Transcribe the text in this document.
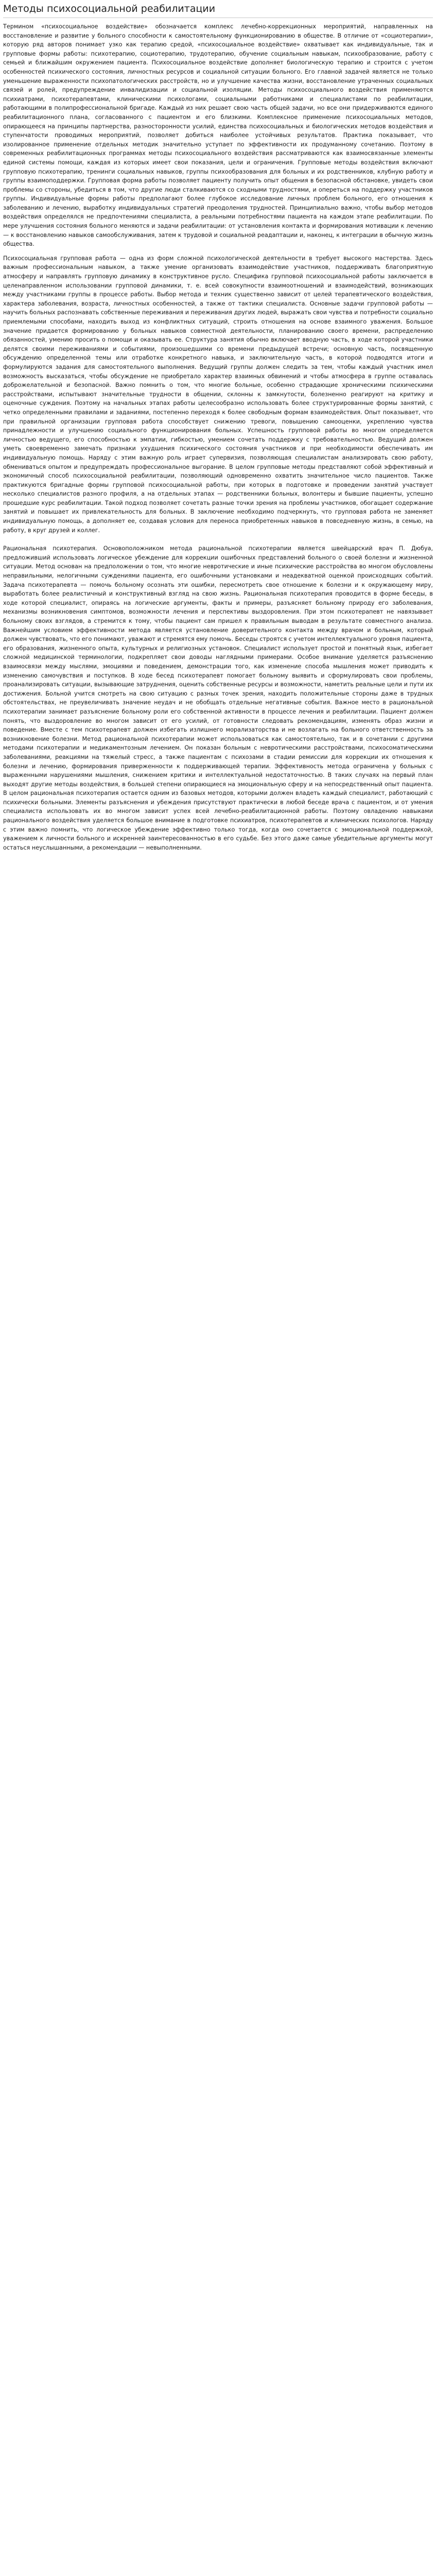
Методы психосоциальной реабилитации

Термином «психосоциальное воздействие» обозначается комплекс лечебно-коррекционных мероприятий, направленных на восстановление и развитие у больного способности к самостоятельному функционированию в обществе. В отличие от «социотерапии», которую ряд авторов понимает узко как терапию средой, «психосоциальное воздействие» охватывает как индивидуальные, так и групповые формы работы: психотерапию, социотерапию, трудотерапию, обучение социальным навыкам, психообразование, работу с семьей и ближайшим окружением пациента. Психосоциальное воздействие дополняет биологическую терапию и строится с учетом особенностей психического состояния, личностных ресурсов и социальной ситуации больного. Его главной задачей является не только уменьшение выраженности психопатологических расстройств, но и улучшение качества жизни, восстановление утраченных социальных связей и ролей, предупреждение инвалидизации и социальной изоляции. Методы психосоциального воздействия применяются психиатрами, психотерапевтами, клиническими психологами, социальными работниками и специалистами по реабилитации, работающими в полипрофессиональной бригаде. Каждый из них решает свою часть общей задачи, но все они придерживаются единого реабилитационного плана, согласованного с пациентом и его близкими. Комплексное применение психосоциальных методов, опирающееся на принципы партнерства, разносторонности усилий, единства психосоциальных и биологических методов воздействия и ступенчатости проводимых мероприятий, позволяет добиться наиболее устойчивых результатов. Практика показывает, что изолированное применение отдельных методик значительно уступает по эффективности их продуманному сочетанию. Поэтому в современных реабилитационных программах методы психосоциального воздействия рассматриваются как взаимосвязанные элементы единой системы помощи, каждая из которых имеет свои показания, цели и ограничения. Групповые методы воздействия включают групповую психотерапию, тренинги социальных навыков, группы психообразования для больных и их родственников, клубную работу и группы взаимоподдержки. Групповая форма работы позволяет пациенту получить опыт общения в безопасной обстановке, увидеть свои проблемы со стороны, убедиться в том, что другие люди сталкиваются со сходными трудностями, и опереться на поддержку участников группы. Индивидуальные формы работы предполагают более глубокое исследование личных проблем больного, его отношения к заболеванию и лечению, выработку индивидуальных стратегий преодоления трудностей. Принципиально важно, чтобы выбор методов воздействия определялся не предпочтениями специалиста, а реальными потребностями пациента на каждом этапе реабилитации. По мере улучшения состояния больного меняются и задачи реабилитации: от установления контакта и формирования мотивации к лечению — к восстановлению навыков самообслуживания, затем к трудовой и социальной реадаптации и, наконец, к интеграции в обычную жизнь общества.

Психосоциальная групповая работа — одна из форм сложной психологической деятельности в требует высокого мастерства. Здесь важным профессиональным навыком, а также умение организовать взаимодействие участников, поддерживать благоприятную атмосферу и направлять групповую динамику в конструктивное русло. Специфика групповой психосоциальной работы заключается в целенаправленном использовании групповой динамики, т. е. всей совокупности взаимоотношений и взаимодействий, возникающих между участниками группы в процессе работы. Выбор метода и техник существенно зависит от целей терапевтического воздействия, характера заболевания, возраста, личностных особенностей, а также от тактики специалиста. Основные задачи групповой работы — научить больных распознавать собственные переживания и переживания других людей, выражать свои чувства и потребности социально приемлемыми способами, находить выход из конфликтных ситуаций, строить отношения на основе взаимного уважения. Большое значение придается формированию у больных навыков совместной деятельности, планированию своего времени, распределению обязанностей, умению просить о помощи и оказывать ее. Структура занятия обычно включает вводную часть, в ходе которой участники делятся своими переживаниями и событиями, произошедшими со времени предыдущей встречи; основную часть, посвященную обсуждению определенной темы или отработке конкретного навыка, и заключительную часть, в которой подводятся итоги и формулируются задания для самостоятельного выполнения. Ведущий группы должен следить за тем, чтобы каждый участник имел возможность высказаться, чтобы обсуждение не приобретало характер взаимных обвинений и чтобы атмосфера в группе оставалась доброжелательной и безопасной. Важно помнить о том, что многие больные, особенно страдающие хроническими психическими расстройствами, испытывают значительные трудности в общении, склонны к замкнутости, болезненно реагируют на критику и оценочные суждения. Поэтому на начальных этапах работы целесообразно использовать более структурированные формы занятий, с четко определенными правилами и заданиями, постепенно переходя к более свободным формам взаимодействия. Опыт показывает, что при правильной организации групповая работа способствует снижению тревоги, повышению самооценки, укреплению чувства принадлежности и улучшению социального функционирования больных. Успешность групповой работы во многом определяется личностью ведущего, его способностью к эмпатии, гибкостью, умением сочетать поддержку с требовательностью. Ведущий должен уметь своевременно замечать признаки ухудшения психического состояния участников и при необходимости обеспечивать им индивидуальную помощь. Наряду с этим важную роль играет супервизия, позволяющая специалистам анализировать свою работу, обмениваться опытом и предупреждать профессиональное выгорание. В целом групповые методы представляют собой эффективный и экономичный способ психосоциальной реабилитации, позволяющий одновременно охватить значительное число пациентов. Также практикуются бригадные формы групповой психосоциальной работы, при которых в подготовке и проведении занятий участвует несколько специалистов разного профиля, а на отдельных этапах — родственники больных, волонтеры и бывшие пациенты, успешно прошедшие курс реабилитации. Такой подход позволяет сочетать разные точки зрения на проблемы участников, обогащает содержание занятий и повышает их привлекательность для больных. В заключение необходимо подчеркнуть, что групповая работа не заменяет индивидуальную помощь, а дополняет ее, создавая условия для переноса приобретенных навыков в повседневную жизнь, в семью, на работу, в круг друзей и коллег.

Рациональная психотерапия. Основоположником метода рациональной психотерапии является швейцарский врач П. Дюбуа, предложивший использовать логическое убеждение для коррекции ошибочных представлений больного о своей болезни и жизненной ситуации. Метод основан на предположении о том, что многие невротические и иные психические расстройства во многом обусловлены неправильными, нелогичными суждениями пациента, его ошибочными установками и неадекватной оценкой происходящих событий. Задача психотерапевта — помочь больному осознать эти ошибки, пересмотреть свое отношение к болезни и к окружающему миру, выработать более реалистичный и конструктивный взгляд на свою жизнь. Рациональная психотерапия проводится в форме беседы, в ходе которой специалист, опираясь на логические аргументы, факты и примеры, разъясняет больному природу его заболевания, механизмы возникновения симптомов, возможности лечения и перспективы выздоровления. При этом психотерапевт не навязывает больному своих взглядов, а стремится к тому, чтобы пациент сам пришел к правильным выводам в результате совместного анализа. Важнейшим условием эффективности метода является установление доверительного контакта между врачом и больным, который должен чувствовать, что его понимают, уважают и стремятся ему помочь. Беседы строятся с учетом интеллектуального уровня пациента, его образования, жизненного опыта, культурных и религиозных установок. Специалист использует простой и понятный язык, избегает сложной медицинской терминологии, подкрепляет свои доводы наглядными примерами. Особое внимание уделяется разъяснению взаимосвязи между мыслями, эмоциями и поведением, демонстрации того, как изменение способа мышления может приводить к изменению самочувствия и поступков. В ходе бесед психотерапевт помогает больному выявить и сформулировать свои проблемы, проанализировать ситуации, вызывающие затруднения, оценить собственные ресурсы и возможности, наметить реальные цели и пути их достижения. Больной учится смотреть на свою ситуацию с разных точек зрения, находить положительные стороны даже в трудных обстоятельствах, не преувеличивать значение неудач и не обобщать отдельные негативные события. Важное место в рациональной психотерапии занимает разъяснение больному роли его собственной активности в процессе лечения и реабилитации. Пациент должен понять, что выздоровление во многом зависит от его усилий, от готовности следовать рекомендациям, изменять образ жизни и поведение. Вместе с тем психотерапевт должен избегать излишнего морализаторства и не возлагать на больного ответственность за возникновение болезни. Метод рациональной психотерапии может использоваться как самостоятельно, так и в сочетании с другими методами психотерапии и медикаментозным лечением. Он показан больным с невротическими расстройствами, психосоматическими заболеваниями, реакциями на тяжелый стресс, а также пациентам с психозами в стадии ремиссии для коррекции их отношения к болезни и лечению, формирования приверженности к поддерживающей терапии. Эффективность метода ограничена у больных с выраженными нарушениями мышления, снижением критики и интеллектуальной недостаточностью. В таких случаях на первый план выходят другие методы воздействия, в большей степени опирающиеся на эмоциональную сферу и на непосредственный опыт пациента. В целом рациональная психотерапия остается одним из базовых методов, которыми должен владеть каждый специалист, работающий с психически больными. Элементы разъяснения и убеждения присутствуют практически в любой беседе врача с пациентом, и от умения специалиста использовать их во многом зависит успех всей лечебно-реабилитационной работы. Поэтому овладению навыками рационального воздействия уделяется большое внимание в подготовке психиатров, психотерапевтов и клинических психологов. Наряду с этим важно помнить, что логическое убеждение эффективно только тогда, когда оно сочетается с эмоциональной поддержкой, уважением к личности больного и искренней заинтересованностью в его судьбе. Без этого даже самые убедительные аргументы могут остаться неуслышанными, а рекомендации — невыполненными.
